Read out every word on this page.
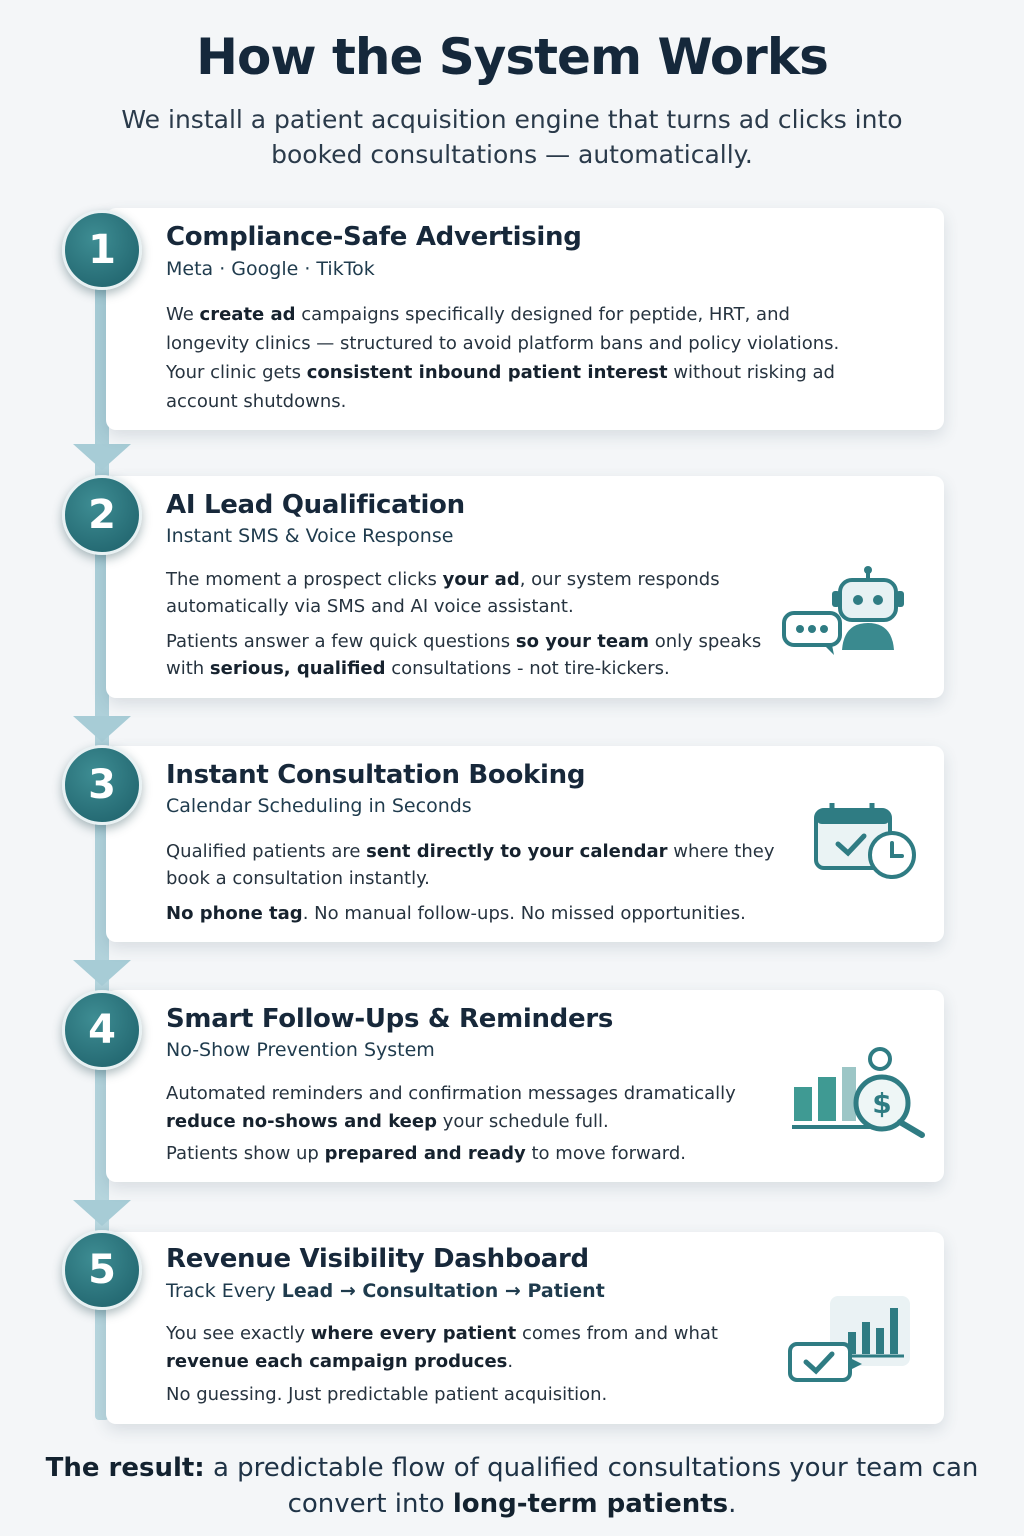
How the System Works
We install a patient acquisition engine that turns ad clicks into booked consultations — automatically.
1	Compliance-Safe Advertising
Meta · Google · TikTok
We create ad campaigns specifically designed for peptide, HRT, and longevity clinics — structured to avoid platform bans and policy violations. Your clinic gets consistent inbound patient interest without risking ad account shutdowns.
2	AI Lead Qualification
Instant SMS & Voice Response
The moment a prospect clicks your ad, our system responds automatically via SMS and AI voice assistant.
Patients answer a few quick questions so your team only speaks with serious, qualified consultations - not tire-kickers.
3	Instant Consultation Booking
Calendar Scheduling in Seconds
Qualified patients are sent directly to your calendar where they book a consultation instantly.
No phone tag. No manual follow-ups. No missed opportunities.
4	Smart Follow-Ups & Reminders
No-Show Prevention System
Automated reminders and confirmation messages dramatically reduce no-shows and keep your schedule full.
Patients show up prepared and ready to move forward.
$
5	Revenue Visibility Dashboard
Track Every Lead → Consultation → Patient
You see exactly where every patient comes from and what revenue each campaign produces.
No guessing. Just predictable patient acquisition.
The result: a predictable flow of qualified consultations your team can convert into long-term patients.
